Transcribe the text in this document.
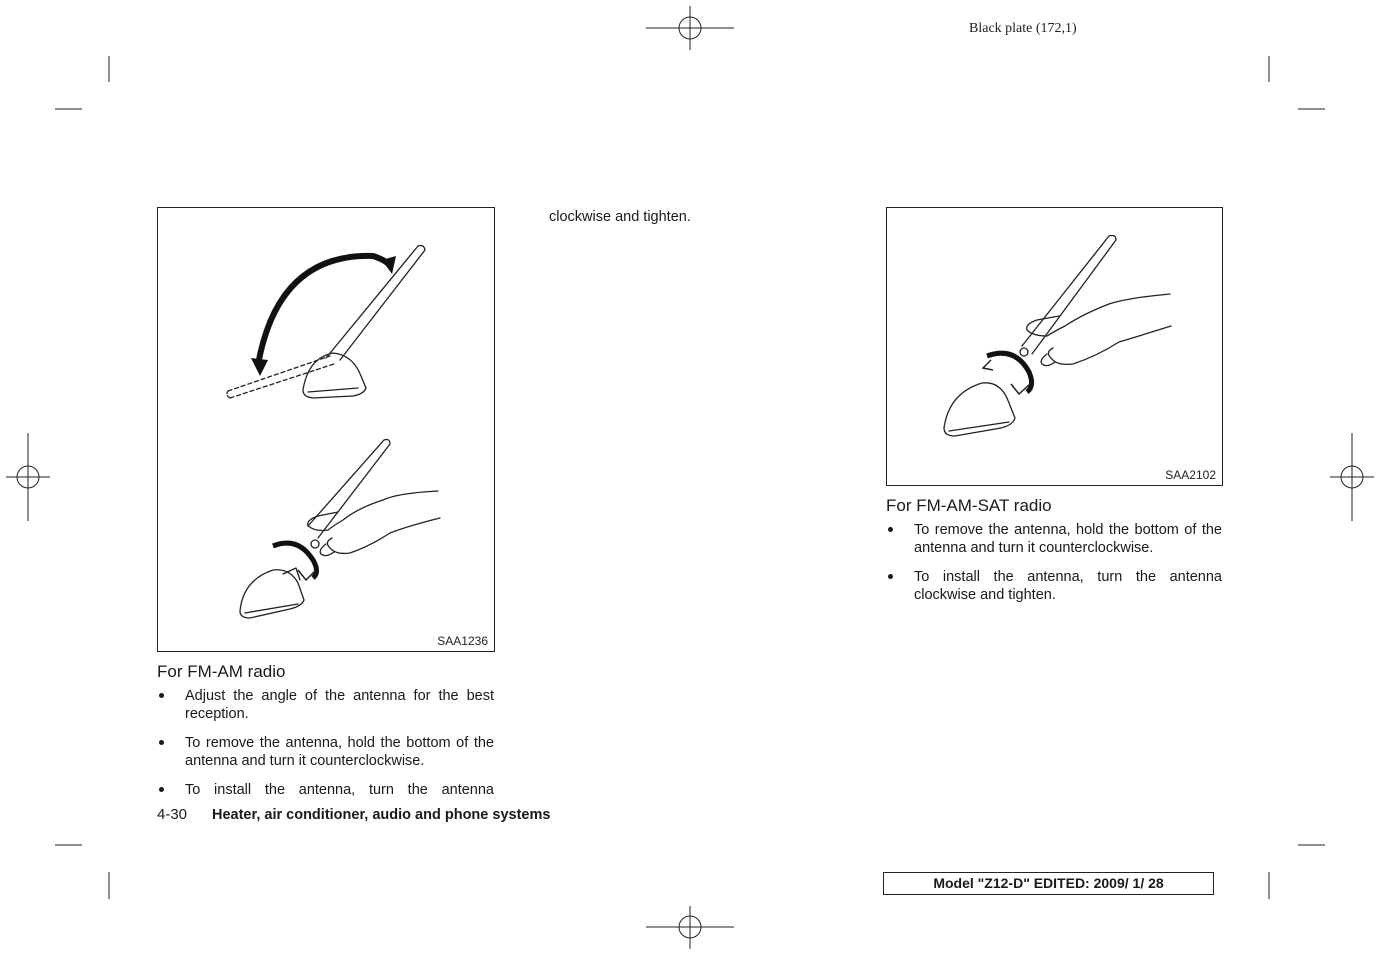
Black plate (172,1)
SAA1236
For FM-AM radio
Adjust the angle of the antenna for the best reception.
To remove the antenna, hold the bottom of the antenna and turn it counterclockwise.
To install the antenna, turn the antenna
clockwise and tighten.
SAA2102
For FM-AM-SAT radio
To remove the antenna, hold the bottom of the antenna and turn it counterclockwise.
To install the antenna, turn the antenna clockwise and tighten.
4-30 Heater, air conditioner, audio and phone systems
Model "Z12-D" EDITED: 2009/ 1/ 28
